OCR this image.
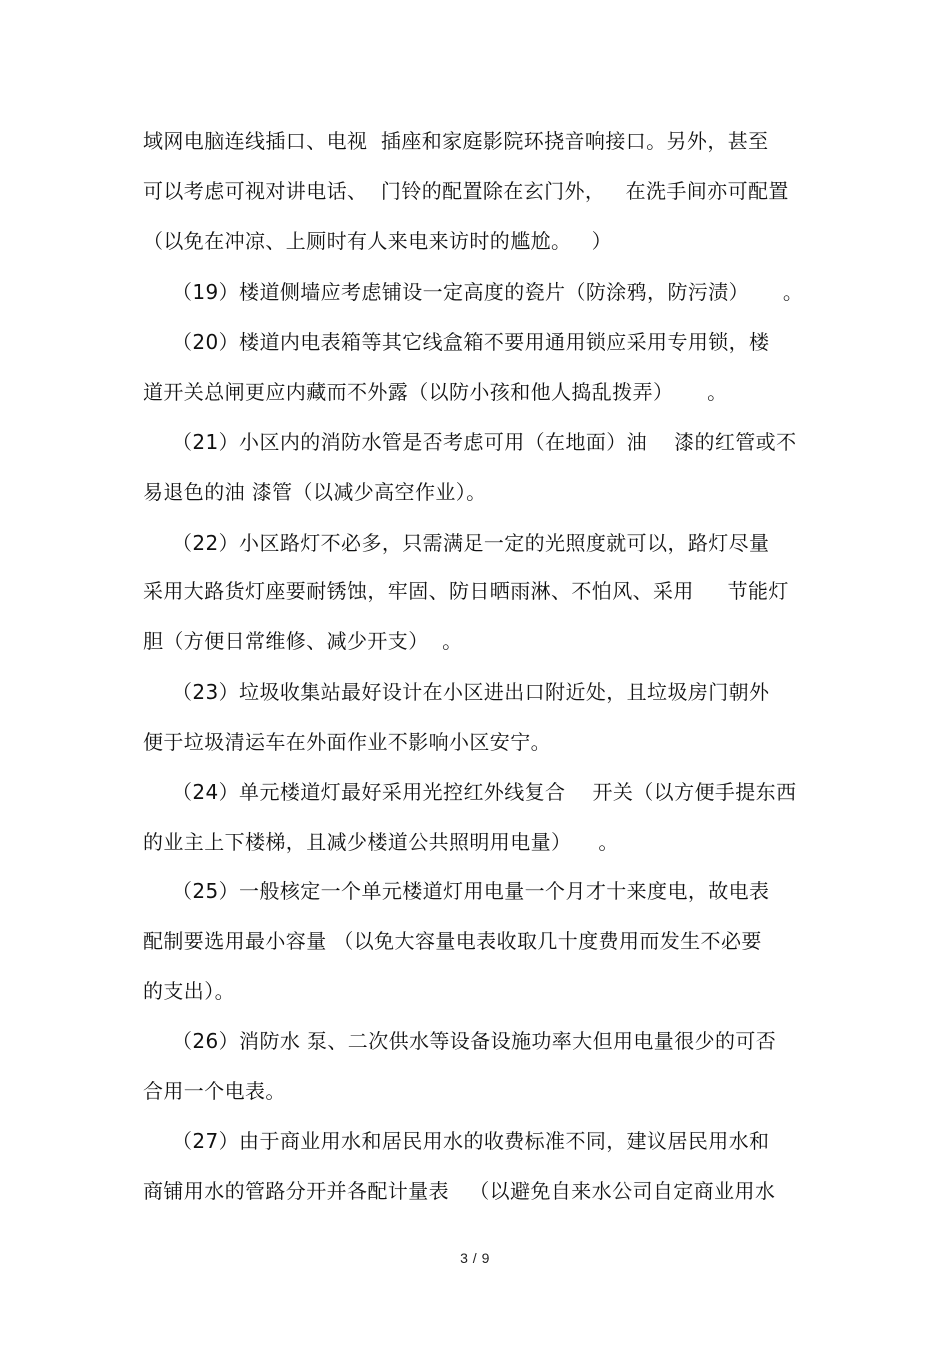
域网电脑连线插口、电视  插座和家庭影院环挠音响接口。另外，甚至
可以考虑可视对讲电话、  门铃的配置除在玄门外，   在洗手间亦可配置
（以免在冲凉、上厕时有人来电来访时的尴尬。   ）
（19）楼道侧墙应考虑铺设一定高度的瓷片（防涂鸦，防污渍）     。
（20）楼道内电表箱等其它线盒箱不要用通用锁应采用专用锁，楼
道开关总闸更应内藏而不外露（以防小孩和他人捣乱拨弄）     。
（21）小区内的消防水管是否考虑可用（在地面）油    漆的红管或不
易退色的油 漆管（以减少高空作业）。
（22）小区路灯不必多，只需满足一定的光照度就可以，路灯尽量
采用大路货灯座要耐锈蚀，牢固、防日晒雨淋、不怕风、采用     节能灯
胆（方便日常维修、减少开支）  。
（23）垃圾收集站最好设计在小区进出口附近处，且垃圾房门朝外
便于垃圾清运车在外面作业不影响小区安宁。
（24）单元楼道灯最好采用光控红外线复合    开关（以方便手提东西
的业主上下楼梯，且减少楼道公共照明用电量）    。
（25）一般核定一个单元楼道灯用电量一个月才十来度电，故电表
配制要选用最小容量 （以免大容量电表收取几十度费用而发生不必要
的支出）。
（26）消防水 泵、二次供水等设备设施功率大但用电量很少的可否
合用一个电表。
（27）由于商业用水和居民用水的收费标准不同，建议居民用水和
商铺用水的管路分开并各配计量表   （以避免自来水公司自定商业用水
3 / 9
